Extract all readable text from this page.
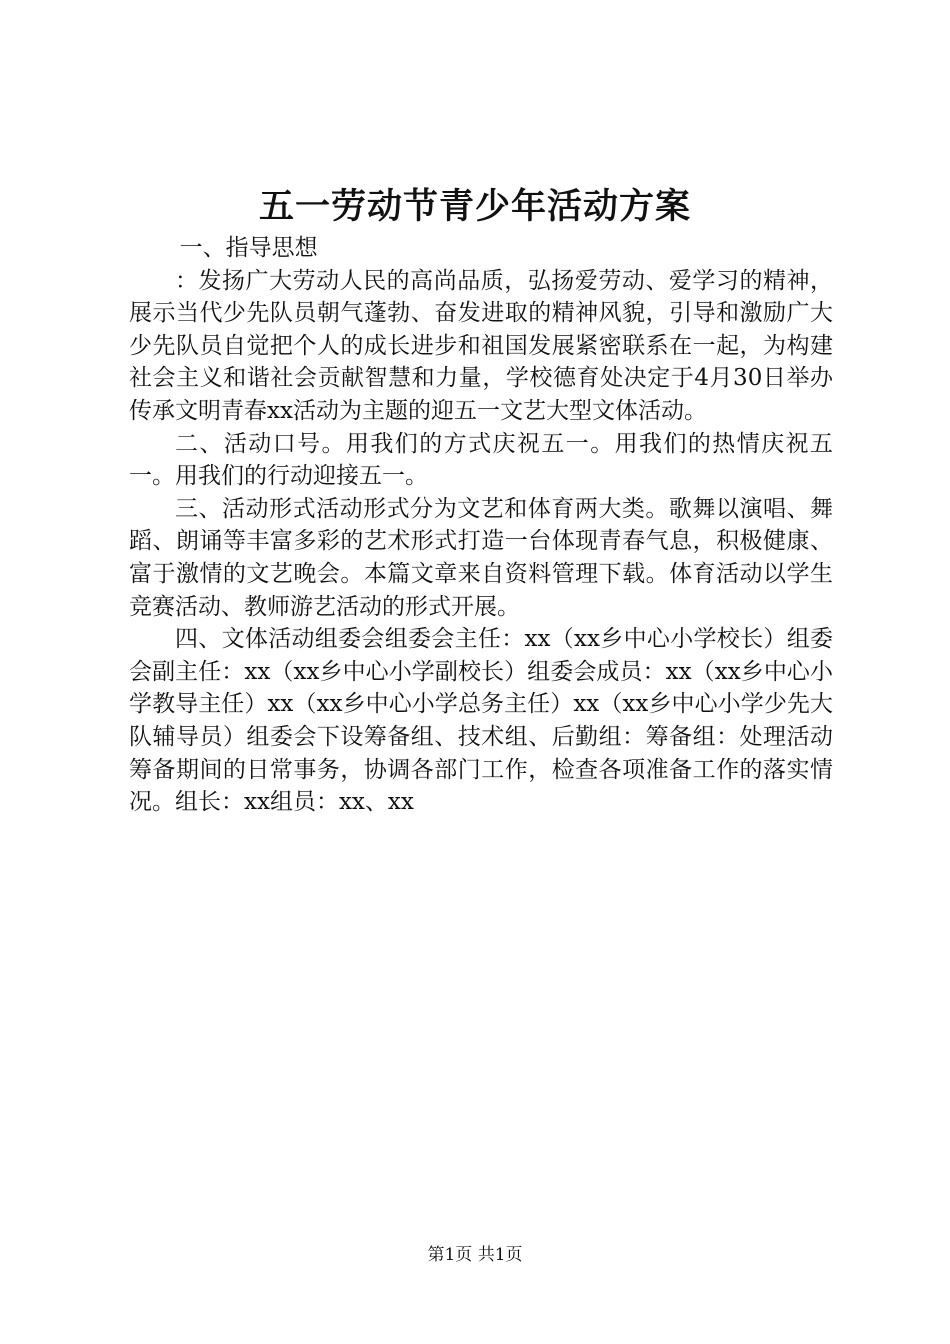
五一劳动节青少年活动方案

一、指导思想

：发扬广大劳动人民的高尚品质，弘扬爱劳动、爱学习的精神，展示当代少先队员朝气蓬勃、奋发进取的精神风貌，引导和激励广大少先队员自觉把个人的成长进步和祖国发展紧密联系在一起，为构建社会主义和谐社会贡献智慧和力量，学校德育处决定于4月30日举办传承文明青春xx活动为主题的迎五一文艺大型文体活动。

二、活动口号。用我们的方式庆祝五一。用我们的热情庆祝五一。用我们的行动迎接五一。

三、活动形式活动形式分为文艺和体育两大类。歌舞以演唱、舞蹈、朗诵等丰富多彩的艺术形式打造一台体现青春气息，积极健康、富于激情的文艺晚会。本篇文章来自资料管理下载。体育活动以学生竞赛活动、教师游艺活动的形式开展。

四、文体活动组委会组委会主任：xx（xx乡中心小学校长）组委会副主任：xx（xx乡中心小学副校长）组委会成员：xx（xx乡中心小学教导主任）xx（xx乡中心小学总务主任）xx（xx乡中心小学少先大队辅导员）组委会下设筹备组、技术组、后勤组：筹备组：处理活动筹备期间的日常事务，协调各部门工作，检查各项准备工作的落实情况。组长：xx组员：xx、xx

第1页 共1页
